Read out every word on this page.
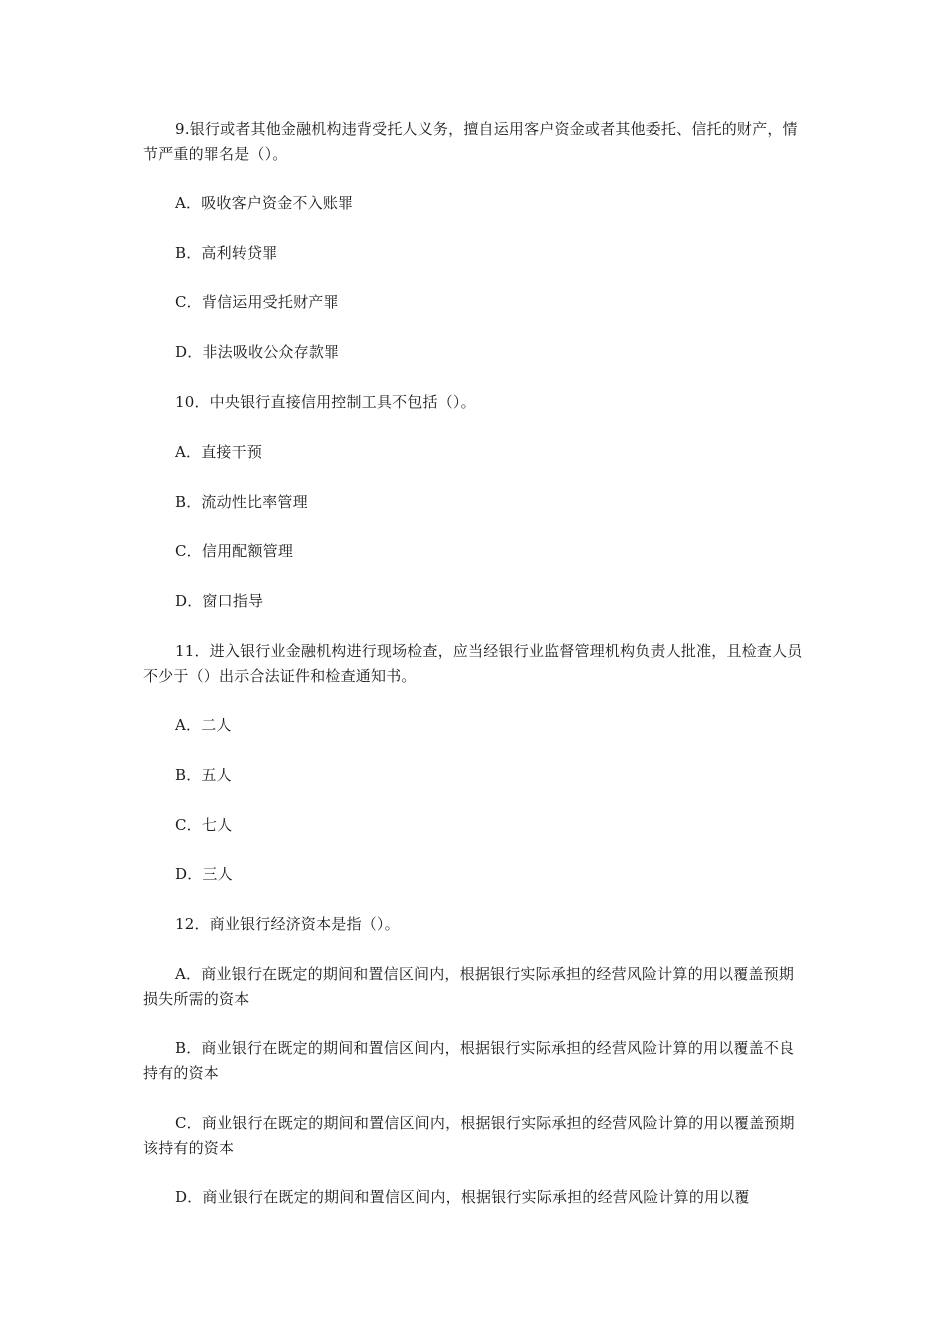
9.银行或者其他金融机构违背受托人义务，擅自运用客户资金或者其他委托、信托的财产，情节严重的罪名是（）。

A．吸收客户资金不入账罪

B．高利转贷罪

C．背信运用受托财产罪

D．非法吸收公众存款罪

10．中央银行直接信用控制工具不包括（）。

A．直接干预

B．流动性比率管理

C．信用配额管理

D．窗口指导

11．进入银行业金融机构进行现场检查，应当经银行业监督管理机构负责人批准，且检查人员不少于（）出示合法证件和检查通知书。

A．二人

B．五人

C．七人

D．三人

12．商业银行经济资本是指（）。

A．商业银行在既定的期间和置信区间内，根据银行实际承担的经营风险计算的用以覆盖预期损失所需的资本

B．商业银行在既定的期间和置信区间内，根据银行实际承担的经营风险计算的用以覆盖不良持有的资本

C．商业银行在既定的期间和置信区间内，根据银行实际承担的经营风险计算的用以覆盖预期该持有的资本

D．商业银行在既定的期间和置信区间内，根据银行实际承担的经营风险计算的用以覆
